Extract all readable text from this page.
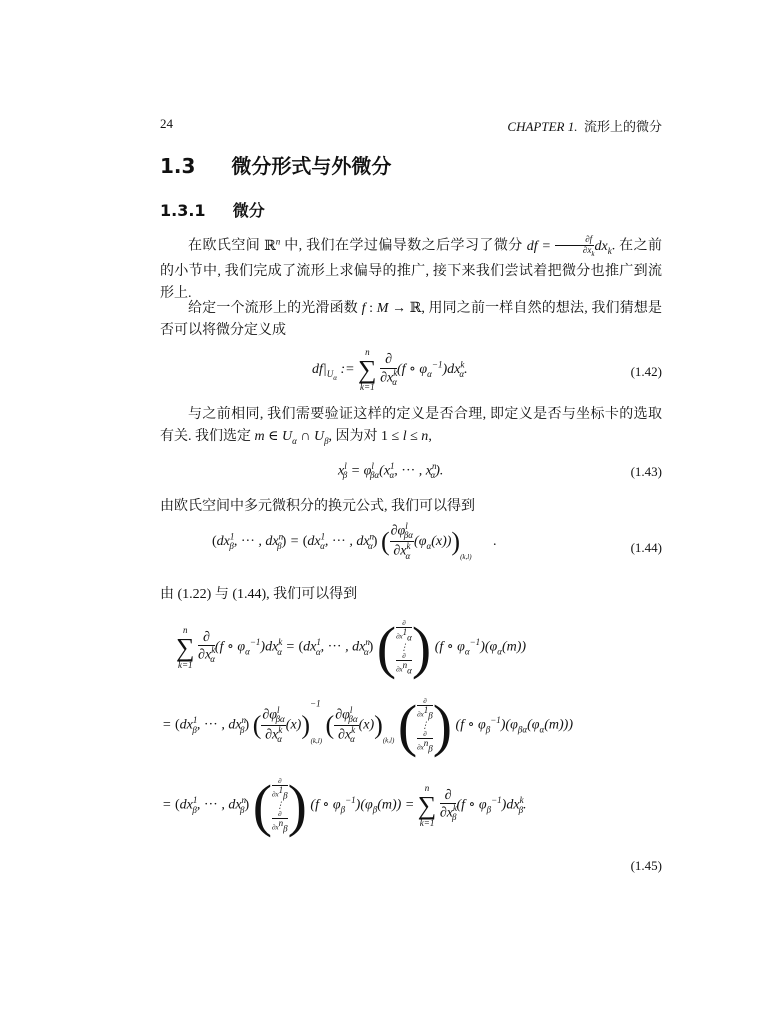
24	CHAPTER 1. 流形上的微分
1.3 微分形式与外微分
1.3.1 微分
在欧氏空间 ℝ$^n$ 中, 我们在学过偏导数之后学习了微分 df = $\frac{\partial f}{\partial x_k} dx_k$. 在之前的小节中, 我们完成了流形上求偏导的推广, 接下来我们尝试着把微分也推广到流形上.
给定一个流形上的光滑函数 f : M → ℝ, 用同之前一样自然的想法, 我们猜想是否可以将微分定义成
$df|_{U_\alpha}$ :=
n
∑
k=1
$\frac{\partial}{\partial x^k_\alpha} (f$ ∘ $\varphi_\alpha^{-1})dx^k_\alpha$.	(1.42)
与之前相同, 我们需要验证这样的定义是否合理, 即定义是否与坐标卡的选取有关. 我们选定 m ∈ $U_\alpha$ ∩ $U_\beta$, 因为对 1 ≤ l ≤ n,
$x^l_\beta = \varphi^l_{\beta\alpha}(x^1_\alpha$, ··· , $x^n_\alpha$).	(1.43)
由欧氏空间中多元微积分的换元公式, 我们可以得到
($dx^1_\beta$, ··· , $dx^n_\beta) = (dx^1_\alpha$, ··· , $dx^n_\alpha$) ( $\frac{\partial\varphi^l_{\beta\alpha}}{\partial x^k_\alpha} (\varphi_\alpha(x)))_{(k,l)}$ .	(1.44)
由 (1.22) 与 (1.44), 我们可以得到
n
∑
k=1
$\frac{\partial}{\partial x^k_\alpha} (f$ ∘ $\varphi_\alpha^{-1})dx^k_\alpha = (dx^1_\alpha$, ··· , $dx^n_\alpha$) ( $\frac{\partial}{\partial x^1_\alpha}$

⋮

$\frac{\partial}{\partial x^n_\alpha}$ ) (f ∘ $\varphi_\alpha^{-1})(\varphi_\alpha(m))$
= ($dx^1_\beta$, ··· , $dx^n_\beta$) ( $\frac{\partial\varphi^l_{\beta\alpha}}{\partial x^k_\alpha} (x))^{-1}_{(k,l)}$ ( $\frac{\partial\varphi^l_{\beta\alpha}}{\partial x^k_\alpha} (x))_{(k,l)}$ ( $\frac{\partial}{\partial x^1_\beta}$

⋮

$\frac{\partial}{\partial x^n_\beta}$ ) (f ∘ $\varphi_\beta^{-1})(\varphi_{\beta\alpha}(\varphi_\alpha(m)))$
= ($dx^1_\beta$, ··· , $dx^n_\beta$) ( $\frac{\partial}{\partial x^1_\beta}$

⋮

$\frac{\partial}{\partial x^n_\beta}$ ) (f ∘ $\varphi_\beta^{-1})(\varphi_\beta(m))$ =
n
∑
k=1
$\frac{\partial}{\partial x^k_\beta} (f$ ∘ $\varphi_\beta^{-1})dx^k_\beta$.
(1.45)
